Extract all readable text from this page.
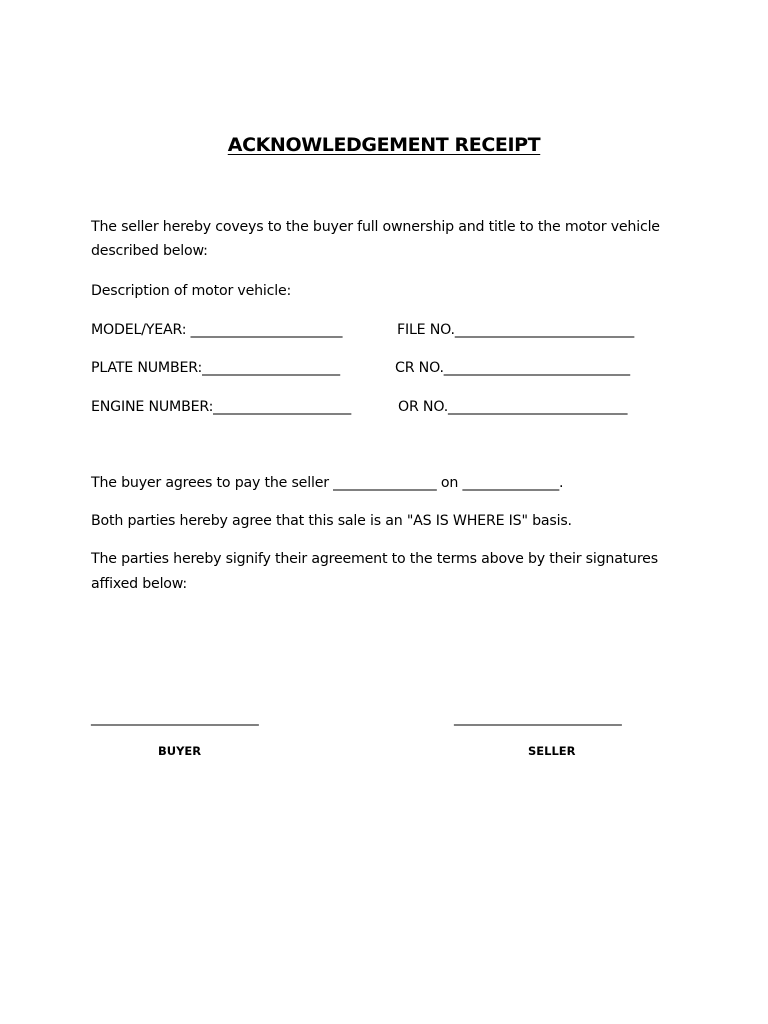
ACKNOWLEDGEMENT RECEIPT
The seller hereby coveys to the buyer full ownership and title to the motor vehicle
described below:
Description of motor vehicle:
MODEL/YEAR: ______________________	FILE NO.__________________________
PLATE NUMBER:____________________	CR NO.___________________________
ENGINE NUMBER:____________________	OR NO.__________________________
The buyer agrees to pay the seller _______________ on ______________.
Both parties hereby agree that this sale is an "AS IS WHERE IS" basis.
The parties hereby signify their agreement to the terms above by their signatures
affixed below:
_________________________	_________________________
BUYER	SELLER
